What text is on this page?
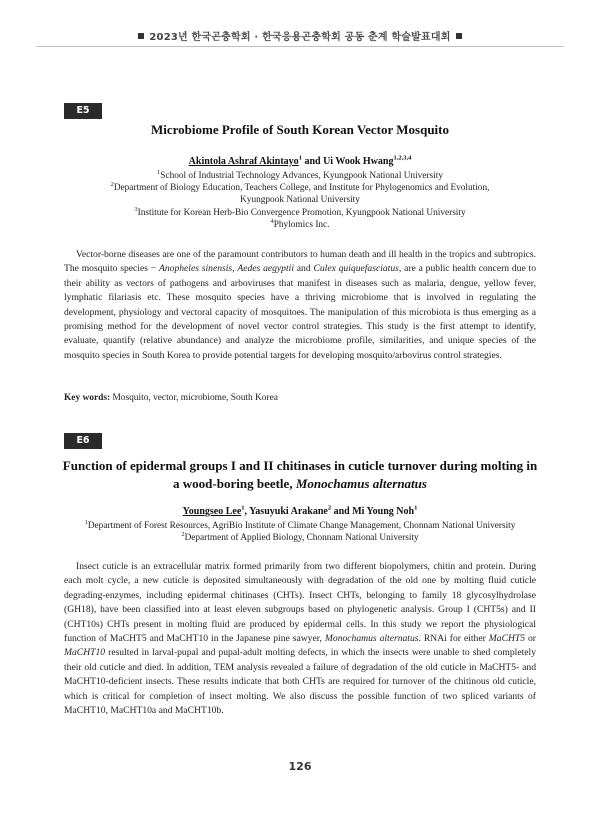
2023년 한국곤충학회 · 한국응용곤충학회 공동 춘계 학술발표대회
E5
Microbiome Profile of South Korean Vector Mosquito
Akintola Ashraf Akintayo$^1$ and Ui Wook Hwang$^{1,2,3,4}$
$^1$School of Industrial Technology Advances, Kyungpook National University
$^2$Department of Biology Education, Teachers College, and Institute for Phylogenomics and Evolution,
Kyungpook National University
$^3$Institute for Korean Herb-Bio Convergence Promotion, Kyungpook National University
$^4$Phylomics Inc.

Vector-borne diseases are one of the paramount contributors to human death and ill health in the tropics and subtropics. The mosquito species − Anopheles sinensis, Aedes aegyptii and Culex quiquefasciatus, are a public health concern due to their ability as vectors of pathogens and arboviruses that manifest in diseases such as malaria, dengue, yellow fever, lymphatic filariasis etc. These mosquito species have a thriving microbiome that is involved in regulating the development, physiology and vectoral capacity of mosquitoes. The manipulation of this microbiota is thus emerging as a promising method for the development of novel vector control strategies. This study is the first attempt to identify, evaluate, quantify (relative abundance) and analyze the microbiome profile, similarities, and unique species of the mosquito species in South Korea to provide potential targets for developing mosquito/arbovirus control strategies.

Key words: Mosquito, vector, microbiome, South Korea
E6
Function of epidermal groups I and II chitinases in cuticle turnover during molting in
a wood-boring beetle, Monochamus alternatus
Youngseo Lee$^1$, Yasuyuki Arakane$^2$ and Mi Young Noh$^1$
$^1$Department of Forest Resources, AgriBio Institute of Climate Change Management, Chonnam National University
$^2$Department of Applied Biology, Chonnam National University

Insect cuticle is an extracellular matrix formed primarily from two different biopolymers, chitin and protein. During each molt cycle, a new cuticle is deposited simultaneously with degradation of the old one by molting fluid cuticle degrading-enzymes, including epidermal chitinases (CHTs). Insect CHTs, belonging to family 18 glycosylhydrolase (GH18), have been classified into at least eleven subgroups based on phylogenetic analysis. Group I (CHT5s) and II (CHT10s) CHTs present in molting fluid are produced by epidermal cells. In this study we report the physiological function of MaCHT5 and MaCHT10 in the Japanese pine sawyer, Monochamus alternatus. RNAi for either MaCHT5 or MaCHT10 resulted in larval-pupal and pupal-adult molting defects, in which the insects were unable to shed completely their old cuticle and died. In addition, TEM analysis revealed a failure of degradation of the old cuticle in MaCHT5- and MaCHT10-deficient insects. These results indicate that both CHTs are required for turnover of the chitinous old cuticle, which is critical for completion of insect molting. We also discuss the possible function of two spliced variants of MaCHT10, MaCHT10a and MaCHT10b.

126
